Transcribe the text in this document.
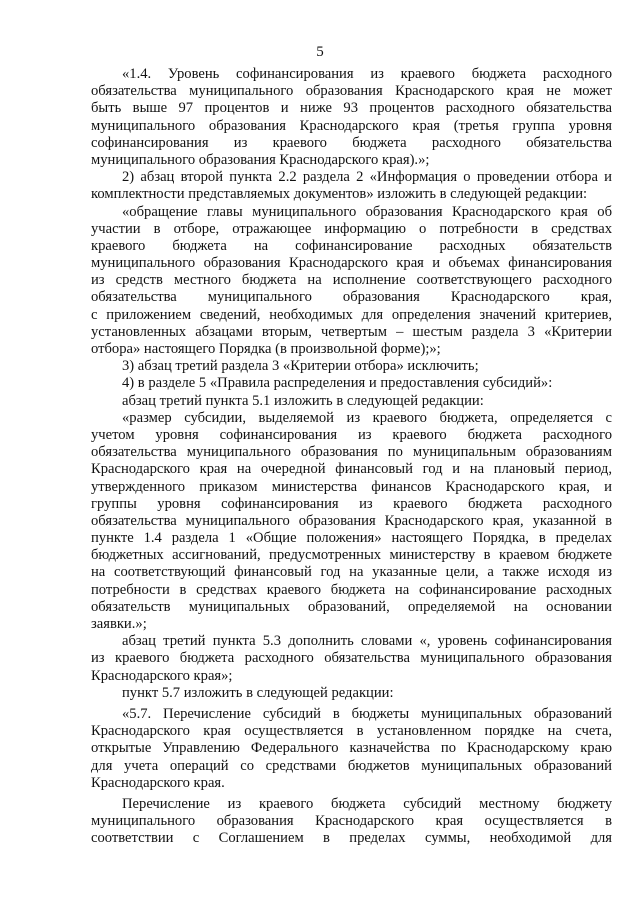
5
«1.4. Уровень софинансирования из краевого бюджета расходного
обязательства муниципального образования Краснодарского края не может
быть выше 97 процентов и ниже 93 процентов расходного обязательства
муниципального образования Краснодарского края (третья группа уровня
софинансирования из краевого бюджета расходного обязательства
муниципального образования Краснодарского края).»;
2) абзац второй пункта 2.2 раздела 2 «Информация о проведении отбора и
комплектности представляемых документов» изложить в следующей редакции:
«обращение главы муниципального образования Краснодарского края об
участии в отборе, отражающее информацию о потребности в средствах
краевого бюджета на софинансирование расходных обязательств
муниципального образования Краснодарского края и объемах финансирования
из средств местного бюджета на исполнение соответствующего расходного
обязательства муниципального образования Краснодарского края,
с приложением сведений, необходимых для определения значений критериев,
установленных абзацами вторым, четвертым – шестым раздела 3 «Критерии
отбора» настоящего Порядка (в произвольной форме);»;
3) абзац третий раздела 3 «Критерии отбора» исключить;
4) в разделе 5 «Правила распределения и предоставления субсидий»:
абзац третий пункта 5.1 изложить в следующей редакции:
«размер субсидии, выделяемой из краевого бюджета, определяется с
учетом уровня софинансирования из краевого бюджета расходного
обязательства муниципального образования по муниципальным образованиям
Краснодарского края на очередной финансовый год и на плановый период,
утвержденного приказом министерства финансов Краснодарского края, и
группы уровня софинансирования из краевого бюджета расходного
обязательства муниципального образования Краснодарского края, указанной в
пункте 1.4 раздела 1 «Общие положения» настоящего Порядка, в пределах
бюджетных ассигнований, предусмотренных министерству в краевом бюджете
на соответствующий финансовый год на указанные цели, а также исходя из
потребности в средствах краевого бюджета на софинансирование расходных
обязательств муниципальных образований, определяемой на основании
заявки.»;
абзац третий пункта 5.3 дополнить словами «, уровень софинансирования
из краевого бюджета расходного обязательства муниципального образования
Краснодарского края»;
пункт 5.7 изложить в следующей редакции:
«5.7. Перечисление субсидий в бюджеты муниципальных образований
Краснодарского края осуществляется в установленном порядке на счета,
открытые Управлению Федерального казначейства по Краснодарскому краю
для учета операций со средствами бюджетов муниципальных образований
Краснодарского края.
Перечисление из краевого бюджета субсидий местному бюджету
муниципального образования Краснодарского края осуществляется в
соответствии с Соглашением в пределах суммы, необходимой для
